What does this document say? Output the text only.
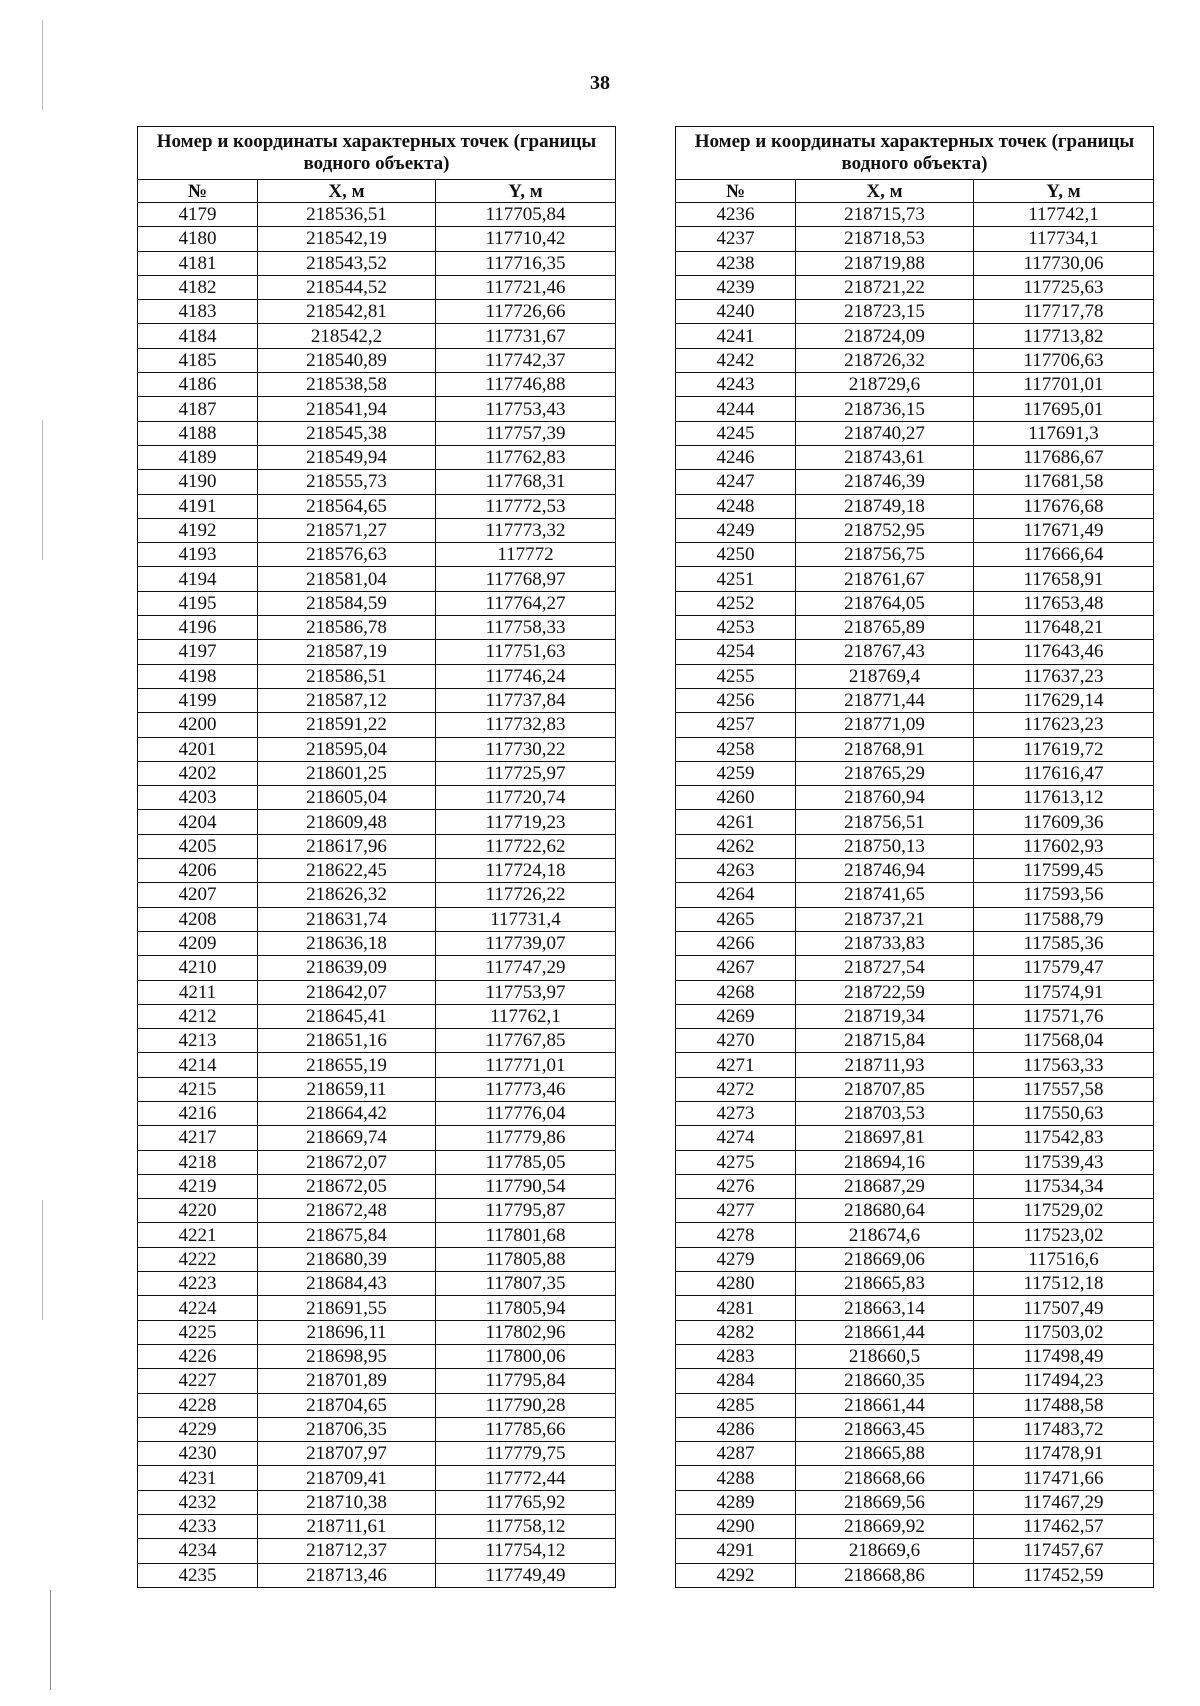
38
Номер и координаты характерных точек (границы водного объекта)		
№	X, м	Y, м
4179	218536,51	117705,84
4180	218542,19	117710,42
4181	218543,52	117716,35
4182	218544,52	117721,46
4183	218542,81	117726,66
4184	218542,2	117731,67
4185	218540,89	117742,37
4186	218538,58	117746,88
4187	218541,94	117753,43
4188	218545,38	117757,39
4189	218549,94	117762,83
4190	218555,73	117768,31
4191	218564,65	117772,53
4192	218571,27	117773,32
4193	218576,63	117772
4194	218581,04	117768,97
4195	218584,59	117764,27
4196	218586,78	117758,33
4197	218587,19	117751,63
4198	218586,51	117746,24
4199	218587,12	117737,84
4200	218591,22	117732,83
4201	218595,04	117730,22
4202	218601,25	117725,97
4203	218605,04	117720,74
4204	218609,48	117719,23
4205	218617,96	117722,62
4206	218622,45	117724,18
4207	218626,32	117726,22
4208	218631,74	117731,4
4209	218636,18	117739,07
4210	218639,09	117747,29
4211	218642,07	117753,97
4212	218645,41	117762,1
4213	218651,16	117767,85
4214	218655,19	117771,01
4215	218659,11	117773,46
4216	218664,42	117776,04
4217	218669,74	117779,86
4218	218672,07	117785,05
4219	218672,05	117790,54
4220	218672,48	117795,87
4221	218675,84	117801,68
4222	218680,39	117805,88
4223	218684,43	117807,35
4224	218691,55	117805,94
4225	218696,11	117802,96
4226	218698,95	117800,06
4227	218701,89	117795,84
4228	218704,65	117790,28
4229	218706,35	117785,66
4230	218707,97	117779,75
4231	218709,41	117772,44
4232	218710,38	117765,92
4233	218711,61	117758,12
4234	218712,37	117754,12
4235	218713,46	117749,49
Номер и координаты характерных точек (границы водного объекта)		
№	X, м	Y, м
4236	218715,73	117742,1
4237	218718,53	117734,1
4238	218719,88	117730,06
4239	218721,22	117725,63
4240	218723,15	117717,78
4241	218724,09	117713,82
4242	218726,32	117706,63
4243	218729,6	117701,01
4244	218736,15	117695,01
4245	218740,27	117691,3
4246	218743,61	117686,67
4247	218746,39	117681,58
4248	218749,18	117676,68
4249	218752,95	117671,49
4250	218756,75	117666,64
4251	218761,67	117658,91
4252	218764,05	117653,48
4253	218765,89	117648,21
4254	218767,43	117643,46
4255	218769,4	117637,23
4256	218771,44	117629,14
4257	218771,09	117623,23
4258	218768,91	117619,72
4259	218765,29	117616,47
4260	218760,94	117613,12
4261	218756,51	117609,36
4262	218750,13	117602,93
4263	218746,94	117599,45
4264	218741,65	117593,56
4265	218737,21	117588,79
4266	218733,83	117585,36
4267	218727,54	117579,47
4268	218722,59	117574,91
4269	218719,34	117571,76
4270	218715,84	117568,04
4271	218711,93	117563,33
4272	218707,85	117557,58
4273	218703,53	117550,63
4274	218697,81	117542,83
4275	218694,16	117539,43
4276	218687,29	117534,34
4277	218680,64	117529,02
4278	218674,6	117523,02
4279	218669,06	117516,6
4280	218665,83	117512,18
4281	218663,14	117507,49
4282	218661,44	117503,02
4283	218660,5	117498,49
4284	218660,35	117494,23
4285	218661,44	117488,58
4286	218663,45	117483,72
4287	218665,88	117478,91
4288	218668,66	117471,66
4289	218669,56	117467,29
4290	218669,92	117462,57
4291	218669,6	117457,67
4292	218668,86	117452,59
